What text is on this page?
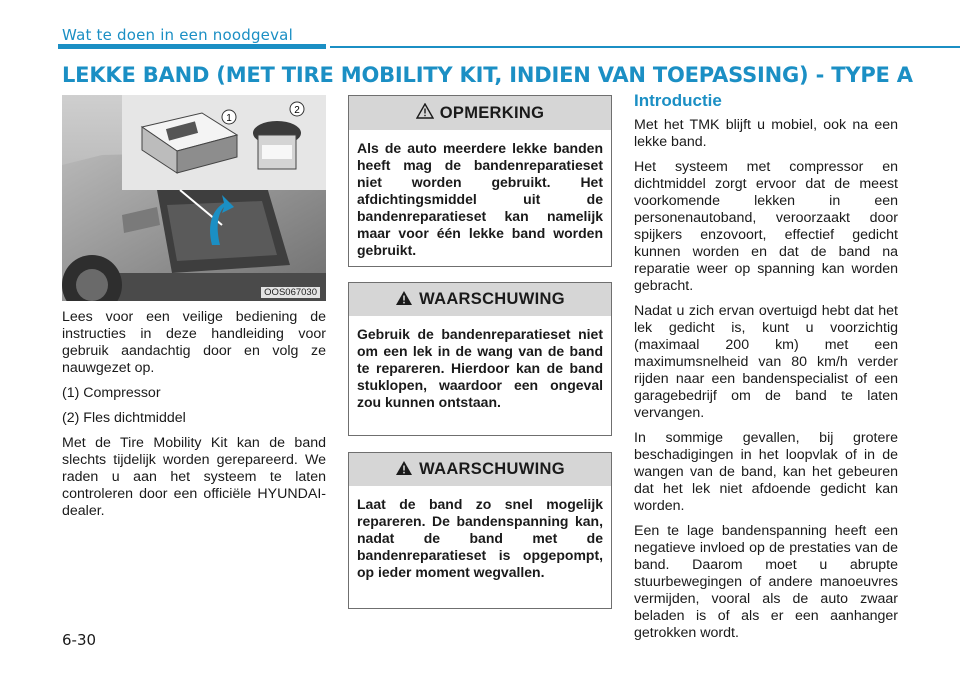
Wat te doen in een noodgeval
LEKKE BAND (MET TIRE MOBILITY KIT, INDIEN VAN TOEPASSING) - TYPE A
1
2
OOS067030

Lees voor een veilige bediening de instructies in deze handleiding voor gebruik aandachtig door en volg ze nauwgezet op.

(1) Compressor

(2) Fles dichtmiddel

Met de Tire Mobility Kit kan de band slechts tijdelijk worden gerepareerd. We raden u aan het systeem te laten controleren door een officiële HYUNDAI-dealer.

OPMERKING
Als de auto meerdere lekke banden heeft mag de bandenreparatieset niet worden gebruikt. Het afdichtingsmiddel uit de bandenreparatieset kan namelijk maar voor één lekke band worden gebruikt.
WAARSCHUWING
Gebruik de bandenreparatieset niet om een lek in de wang van de band te repareren. Hierdoor kan de band stuklopen, waardoor een ongeval zou kunnen ontstaan.
WAARSCHUWING
Laat de band zo snel mogelijk repareren. De bandenspanning kan, nadat de band met de bandenreparatieset is opgepompt, op ieder moment wegvallen.
Introductie

Met het TMK blijft u mobiel, ook na een lekke band.

Het systeem met compressor en dichtmiddel zorgt ervoor dat de meest voorkomende lekken in een personenautoband, veroorzaakt door spijkers enzovoort, effectief gedicht kunnen worden en dat de band na reparatie weer op spanning kan worden gebracht.

Nadat u zich ervan overtuigd hebt dat het lek gedicht is, kunt u voorzichtig (maximaal 200 km) met een maximumsnelheid van 80 km/h verder rijden naar een bandenspecialist of een garagebedrijf om de band te laten vervangen.

In sommige gevallen, bij grotere beschadigingen in het loopvlak of in de wangen van de band, kan het gebeuren dat het lek niet afdoende gedicht kan worden.

Een te lage bandenspanning heeft een negatieve invloed op de prestaties van de band. Daarom moet u abrupte stuurbewegingen of andere manoeuvres vermijden, vooral als de auto zwaar beladen is of als er een aanhanger getrokken wordt.

6-30
